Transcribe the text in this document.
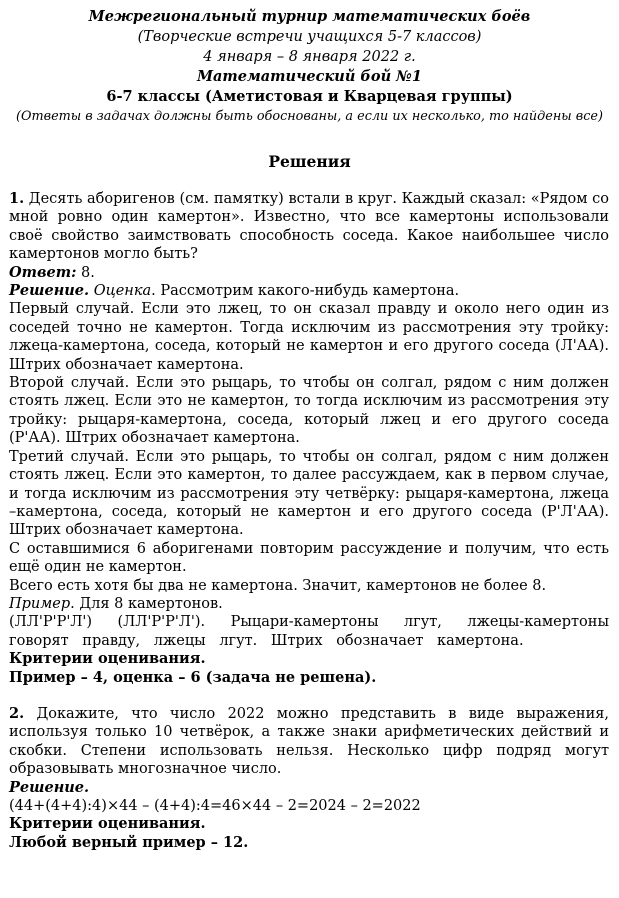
Межрегиональный турнир математических боёв
(Творческие встречи учащихся 5-7 классов)
4 января – 8 января 2022 г.
Математический бой №1
6-7 классы (Аметистовая и Кварцевая группы)
(Ответы в задачах должны быть обоснованы, а если их несколько, то найдены все)
Решения

1. Десять аборигенов (см. памятку) встали в круг. Каждый сказал: «Рядом со мной ровно один камертон». Известно, что все камертоны использовали своё свойство заимствовать способность соседа. Какое наибольшее число камертонов могло быть?

Ответ: 8.

Решение. Оценка. Рассмотрим какого-нибудь камертона.

Первый случай. Если это лжец, то он сказал правду и около него один из соседей точно не камертон. Тогда исключим из рассмотрения эту тройку: лжеца-камертона, соседа, который не камертон и его другого соседа (Л'АА). Штрих обозначает камертона.

Второй случай. Если это рыцарь, то чтобы он солгал, рядом с ним должен стоять лжец. Если это не камертон, то тогда исключим из рассмотрения эту тройку: рыцаря-камертона, соседа, который лжец и его другого соседа (Р'АА). Штрих обозначает камертона.

Третий случай. Если это рыцарь, то чтобы он солгал, рядом с ним должен стоять лжец. Если это камертон, то далее рассуждаем, как в первом случае, и тогда исключим из рассмотрения эту четвёрку: рыцаря-камертона, лжеца –камертона, соседа, который не камертон и его другого соседа (Р'Л'АА). Штрих обозначает камертона.

С оставшимися 6 аборигенами повторим рассуждение и получим, что есть ещё один не камертон.

Всего есть хотя бы два не камертона. Значит, камертонов не более 8.

Пример. Для 8 камертонов.

(ЛЛ'Р'Р'Л') (ЛЛ'Р'Р'Л'). Рыцари-камертоны лгут, лжецы-камертоны говорят правду, лжецы лгут. Штрих обозначает камертона.

Критерии оценивания.

Пример – 4, оценка – 6 (задача не решена).

2. Докажите, что число 2022 можно представить в виде выражения, используя только 10 четвёрок, а также знаки арифметических действий и скобки. Степени использовать нельзя. Несколько цифр подряд могут образовывать многозначное число.

Решение.

(44+(4+4):4)×44 – (4+4):4=46×44 – 2=2024 – 2=2022

Критерии оценивания.

Любой верный пример – 12.
